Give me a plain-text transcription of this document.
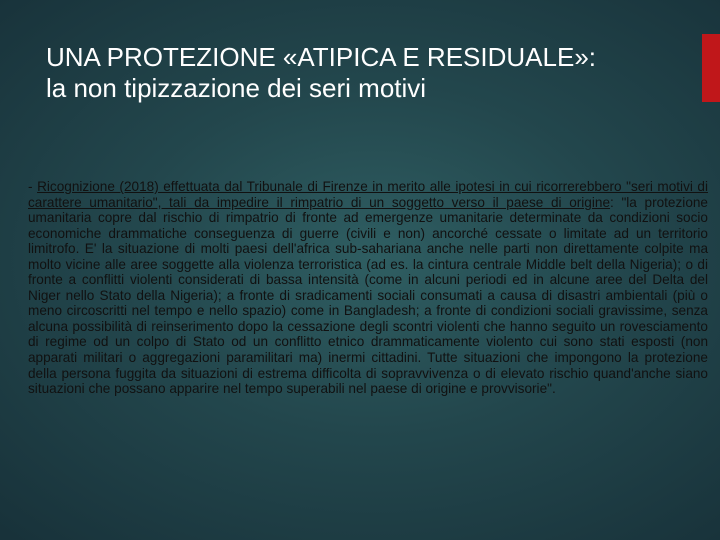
UNA PROTEZIONE «ATIPICA E RESIDUALE»: la non tipizzazione dei seri motivi

- Ricognizione (2018) effettuata dal Tribunale di Firenze in merito alle ipotesi in cui ricorrerebbero "seri motivi di carattere umanitario", tali da impedire il rimpatrio di un soggetto verso il paese di origine: "la protezione umanitaria copre dal rischio di rimpatrio di fronte ad emergenze umanitarie determinate da condizioni socio economiche drammatiche conseguenza di guerre (civili e non) ancorché cessate o limitate ad un territorio limitrofo. E' la situazione di molti paesi dell'africa sub-sahariana anche nelle parti non direttamente colpite ma molto vicine alle aree soggette alla violenza terroristica (ad es. la cintura centrale Middle belt della Nigeria); o di fronte a conflitti violenti considerati di bassa intensità (come in alcuni periodi ed in alcune aree del Delta del Niger nello Stato della Nigeria); a fronte di sradicamenti sociali consumati a causa di disastri ambientali (più o meno circoscritti nel tempo e nello spazio) come in Bangladesh; a fronte di condizioni sociali gravissime, senza alcuna possibilità di reinserimento dopo la cessazione degli scontri violenti che hanno seguito un rovesciamento di regime od un colpo di Stato od un conflitto etnico drammaticamente violento cui sono stati esposti (non apparati militari o aggregazioni paramilitari ma) inermi cittadini. Tutte situazioni che impongono la protezione della persona fuggita da situazioni di estrema difficolta di sopravvivenza o di elevato rischio quand'anche siano situazioni che possano apparire nel tempo superabili nel paese di origine e provvisorie".
